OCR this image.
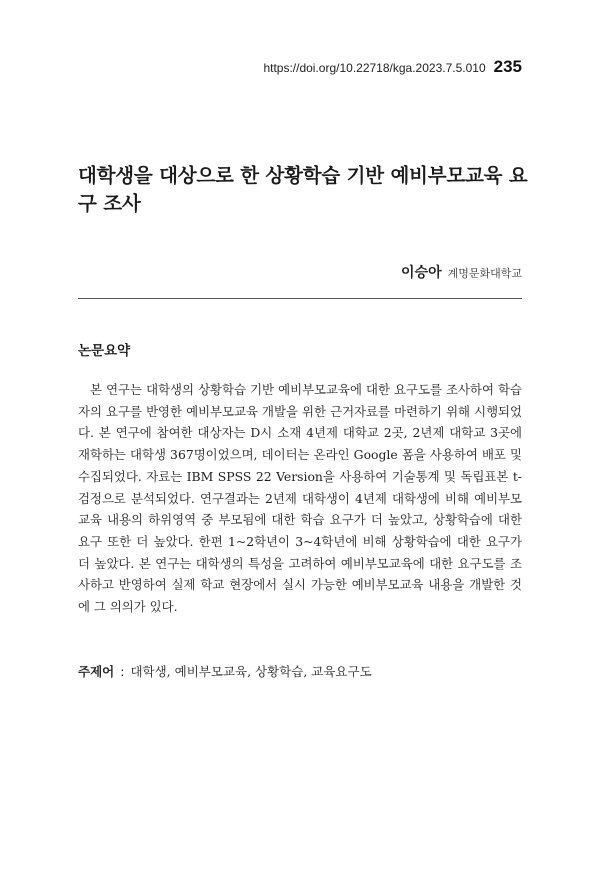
https://doi.org/10.22718/kga.2023.7.5.010 235
대학생을 대상으로 한 상황학습 기반 예비부모교육 요구 조사
이승아 계명문화대학교
논문요약

본 연구는 대학생의 상황학습 기반 예비부모교육에 대한 요구도를 조사하여 학습자의 요구를 반영한 예비부모교육 개발을 위한 근거자료를 마련하기 위해 시행되었다. 본 연구에 참여한 대상자는 D시 소재 4년제 대학교 2곳, 2년제 대학교 3곳에 재학하는 대학생 367명이었으며, 데이터는 온라인 Google 폼을 사용하여 배포 및 수집되었다. 자료는 IBM SPSS 22 Version을 사용하여 기술통계 및 독립표본 t-검정으로 분석되었다. 연구결과는 2년제 대학생이 4년제 대학생에 비해 예비부모교육 내용의 하위영역 중 부모됨에 대한 학습 요구가 더 높았고, 상황학습에 대한 요구 또한 더 높았다. 한편 1~2학년이 3~4학년에 비해 상황학습에 대한 요구가 더 높았다. 본 연구는 대학생의 특성을 고려하여 예비부모교육에 대한 요구도를 조사하고 반영하여 실제 학교 현장에서 실시 가능한 예비부모교육 내용을 개발한 것에 그 의의가 있다.

주제어 : 대학생, 예비부모교육, 상황학습, 교육요구도
